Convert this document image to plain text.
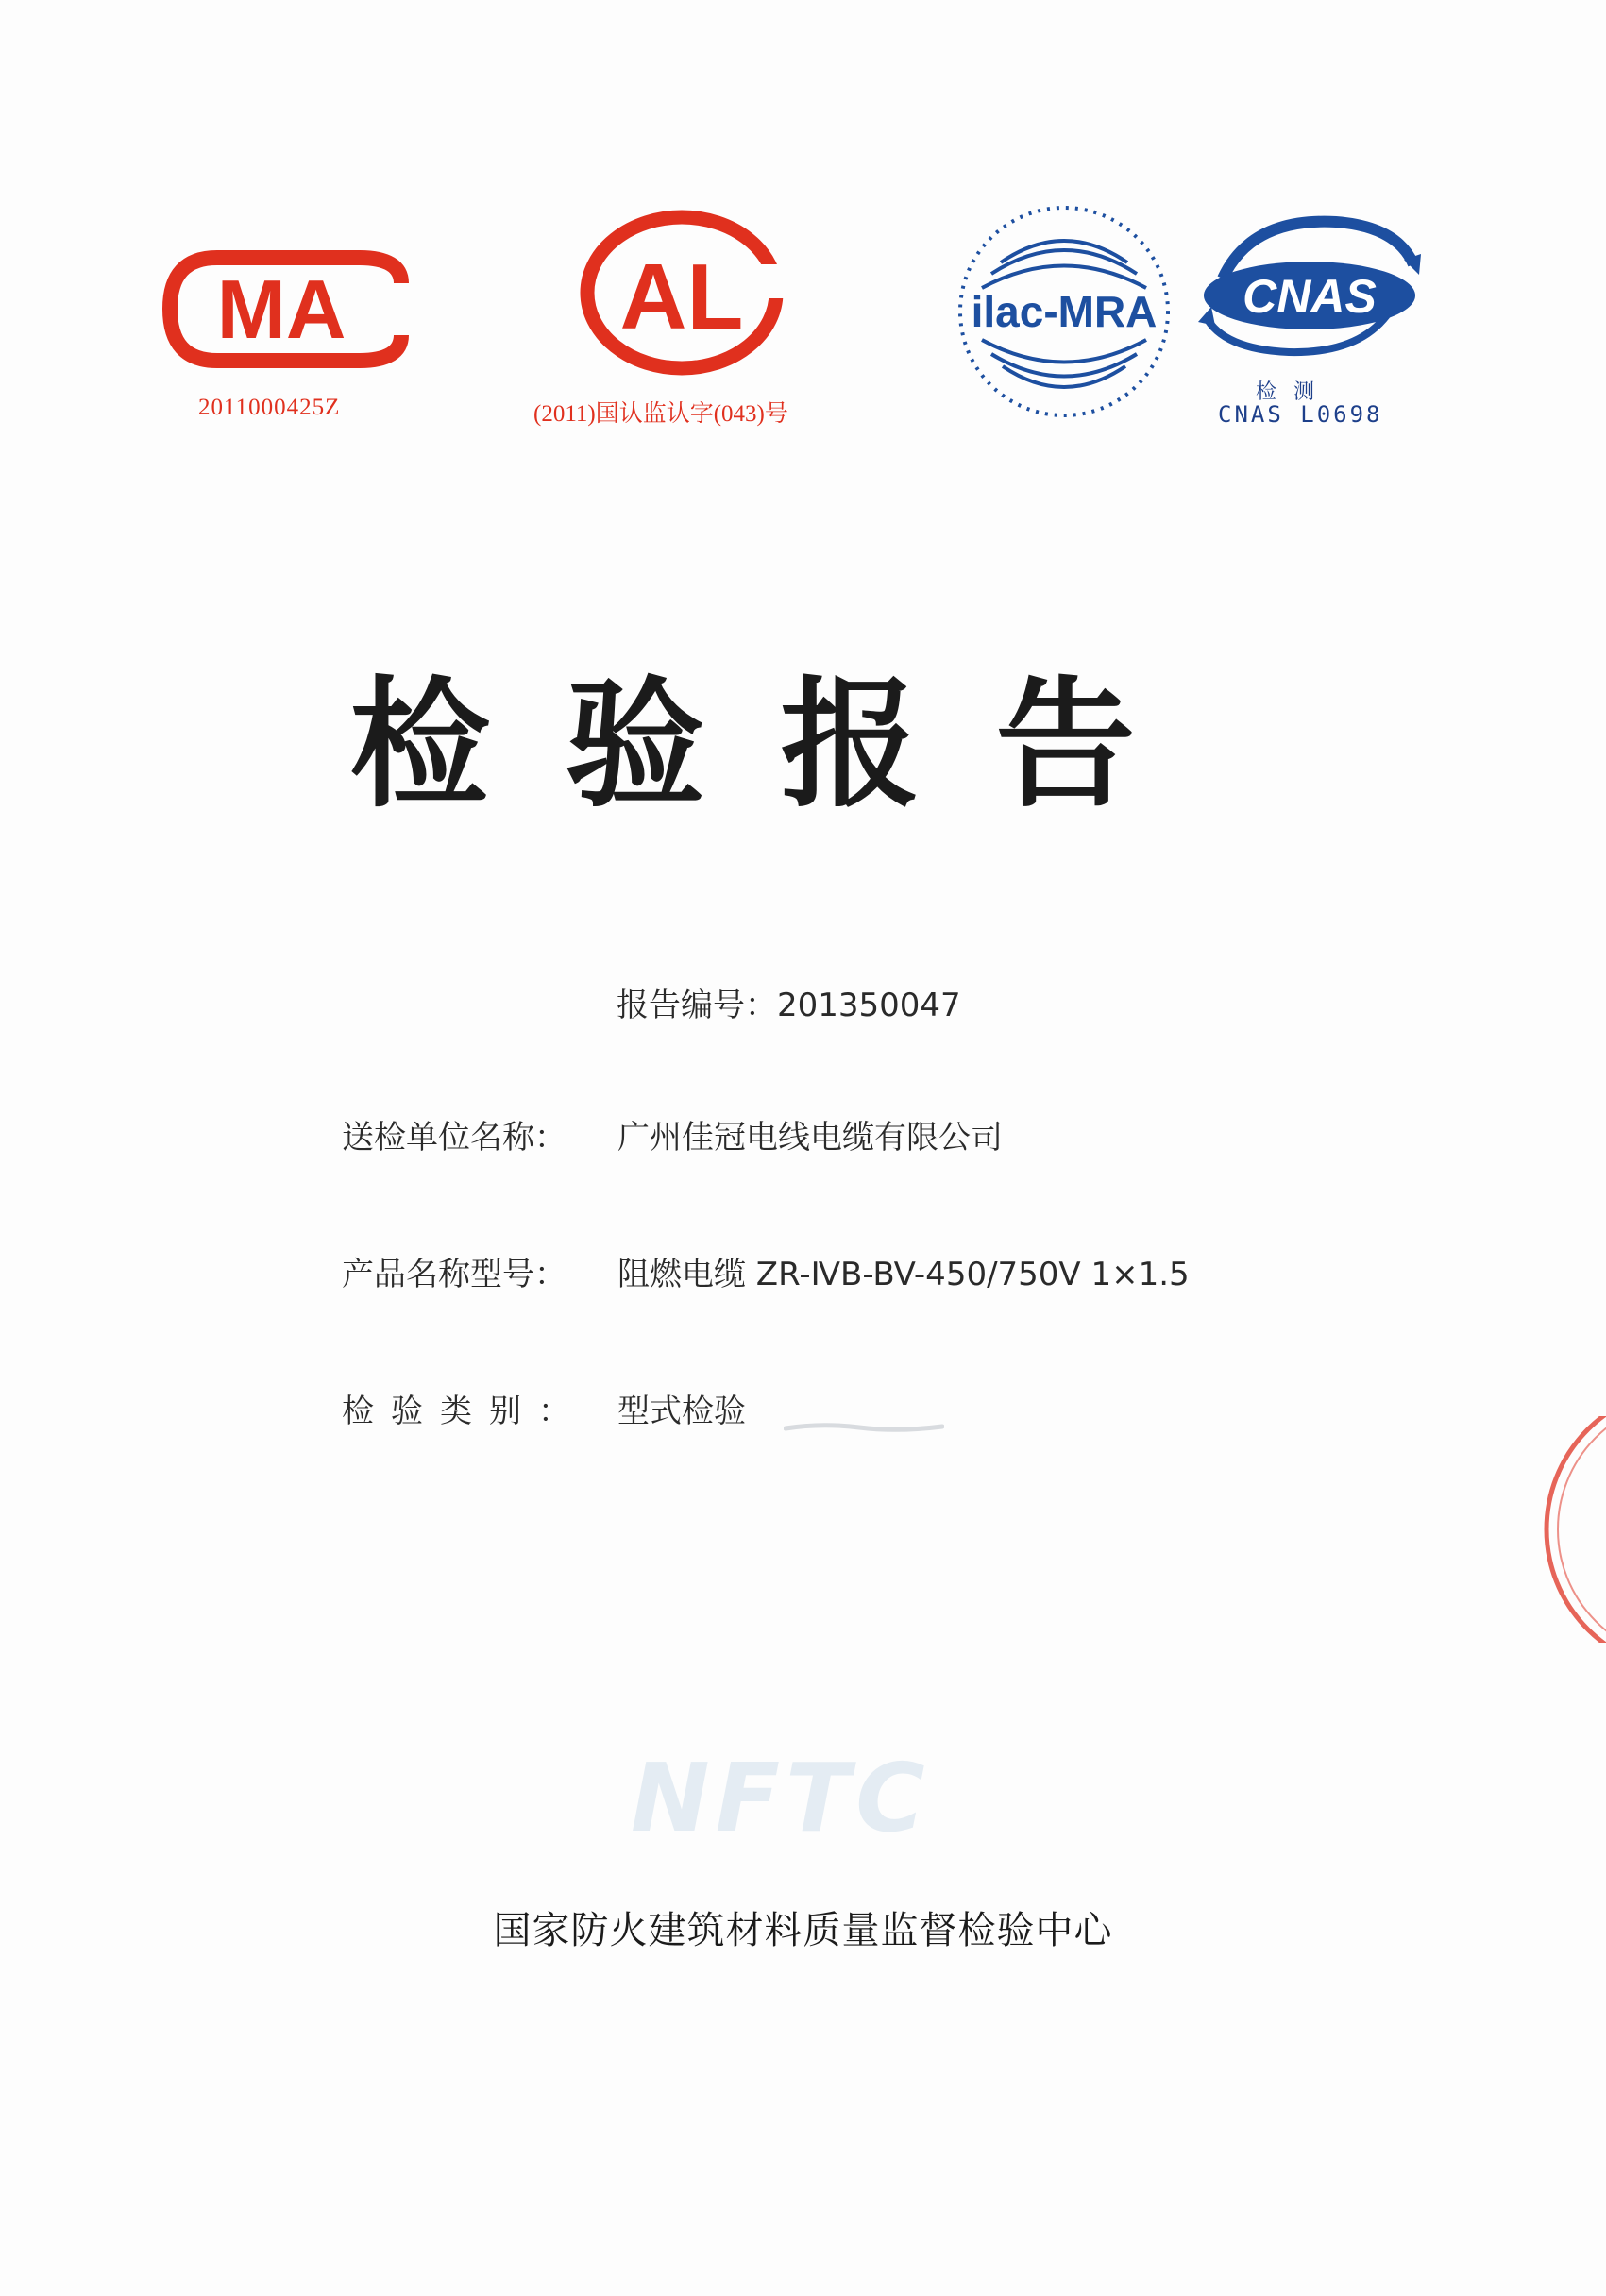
MA
2011000425Z
AL
(2011)国认监认字(043)号
ilac-MRA CNAS
检测
CNAS L0698
检验报告
报告编号：201350047
送检单位名称： 广州佳冠电线电缆有限公司
产品名称型号： 阻燃电缆 ZR-ⅣB-BV-450/750V 1×1.5
检验类别： 型式检验
NFTC
国家防火建筑材料质量监督检验中心
